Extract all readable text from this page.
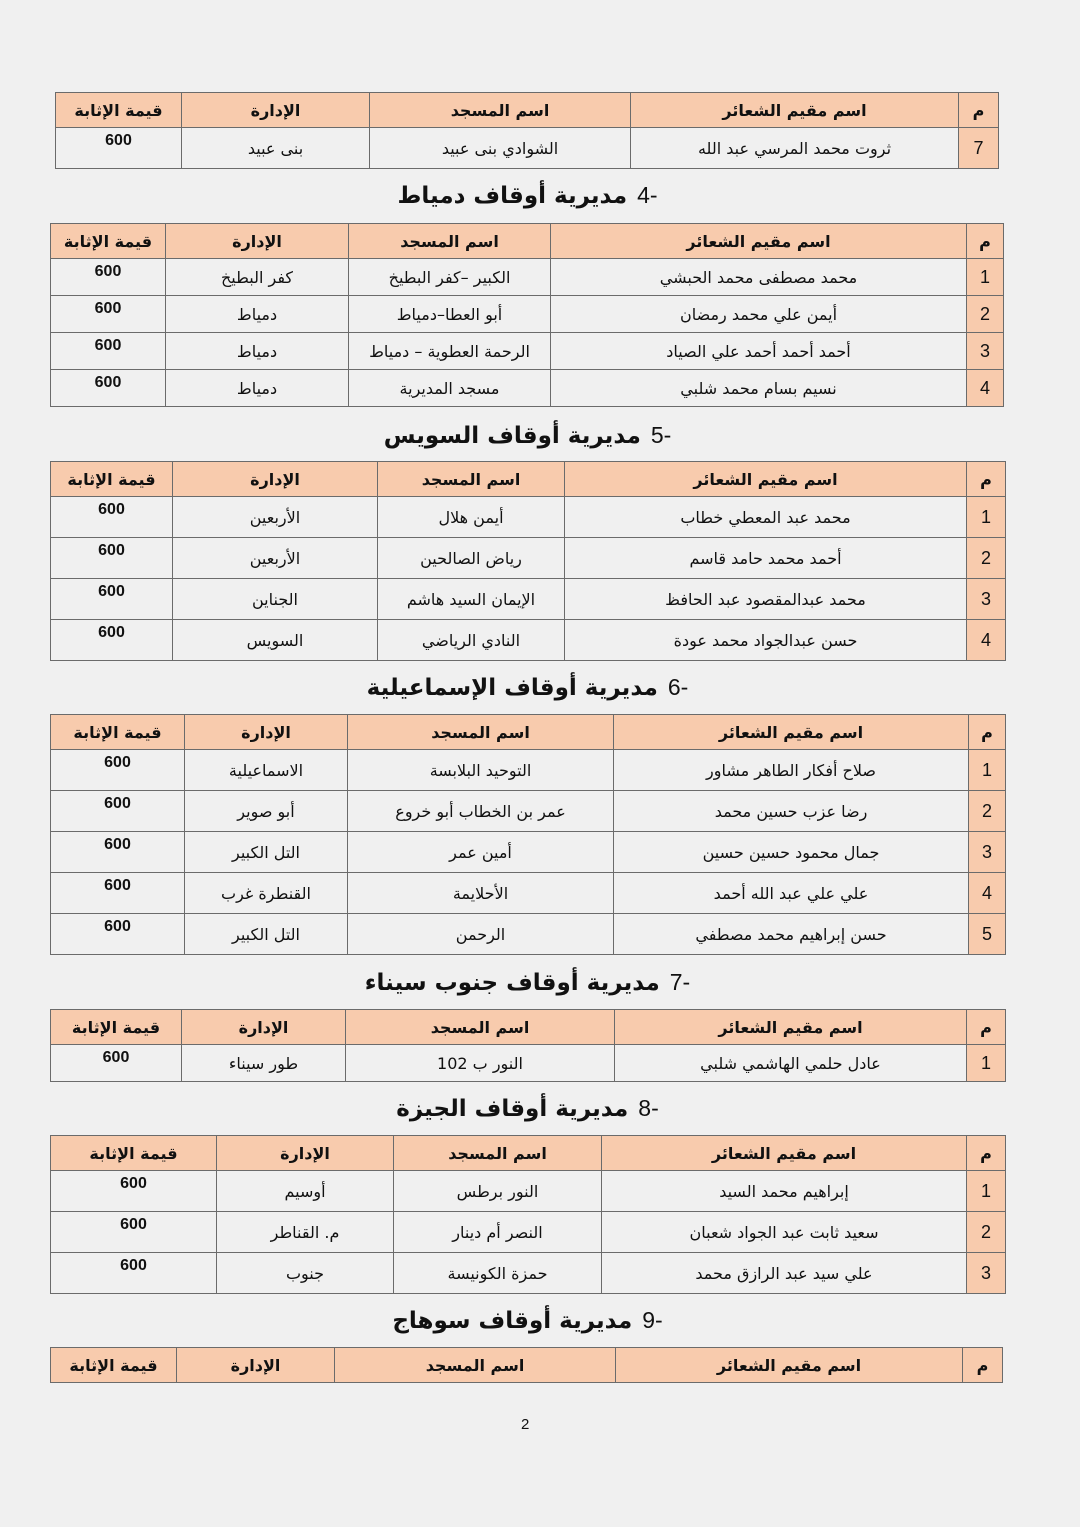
2
م	اسم مقيم الشعائر	اسم المسجد	الإدارة	قيمة الإثابة
7	ثروت محمد المرسي عبد الله	الشوادي بنى عبيد	بنى عبيد	600
4-مديرية أوقاف دمياط
م	اسم مقيم الشعائر	اسم المسجد	الإدارة	قيمة الإثابة
1	محمد مصطفى محمد الحبشي	الكبير –كفر البطيخ	كفر البطيخ	600
2	أيمن علي محمد رمضان	أبو العطا–دمياط	دمياط	600
3	أحمد أحمد أحمد علي الصياد	الرحمة العطوية – دمياط	دمياط	600
4	نسيم بسام محمد شلبي	مسجد المديرية	دمياط	600
5-مديرية أوقاف السويس
م	اسم مقيم الشعائر	اسم المسجد	الإدارة	قيمة الإثابة
1	محمد عبد المعطي خطاب	أيمن هلال	الأربعين	600
2	أحمد محمد حامد قاسم	رياض الصالحين	الأربعين	600
3	محمد عبدالمقصود عبد الحافظ	الإيمان السيد هاشم	الجناين	600
4	حسن عبدالجواد محمد عودة	النادي الرياضي	السويس	600
6-مديرية أوقاف الإسماعيلية
م	اسم مقيم الشعائر	اسم المسجد	الإدارة	قيمة الإثابة
1	صلاح أفكار الطاهر مشاور	التوحيد البلابسة	الاسماعيلية	600
2	رضا عزب حسين محمد	عمر بن الخطاب أبو خروع	أبو صوير	600
3	جمال محمود حسين حسين	أمين عمر	التل الكبير	600
4	علي علي عبد الله أحمد	الأحلايمة	القنطرة غرب	600
5	حسن إبراهيم محمد مصطفي	الرحمن	التل الكبير	600
7-مديرية أوقاف جنوب سيناء
م	اسم مقيم الشعائر	اسم المسجد	الإدارة	قيمة الإثابة
1	عادل حلمي الهاشمي شلبي	النور ب 102	طور سيناء	600
8-مديرية أوقاف الجيزة
م	اسم مقيم الشعائر	اسم المسجد	الإدارة	قيمة الإثابة
1	إبراهيم محمد السيد	النور برطس	أوسيم	600
2	سعيد ثابت عبد الجواد شعبان	النصر أم دينار	م. القناطر	600
3	علي سيد عبد الرازق محمد	حمزة الكونيسة	جنوب	600
9-مديرية أوقاف سوهاج
م	اسم مقيم الشعائر	اسم المسجد	الإدارة	قيمة الإثابة
